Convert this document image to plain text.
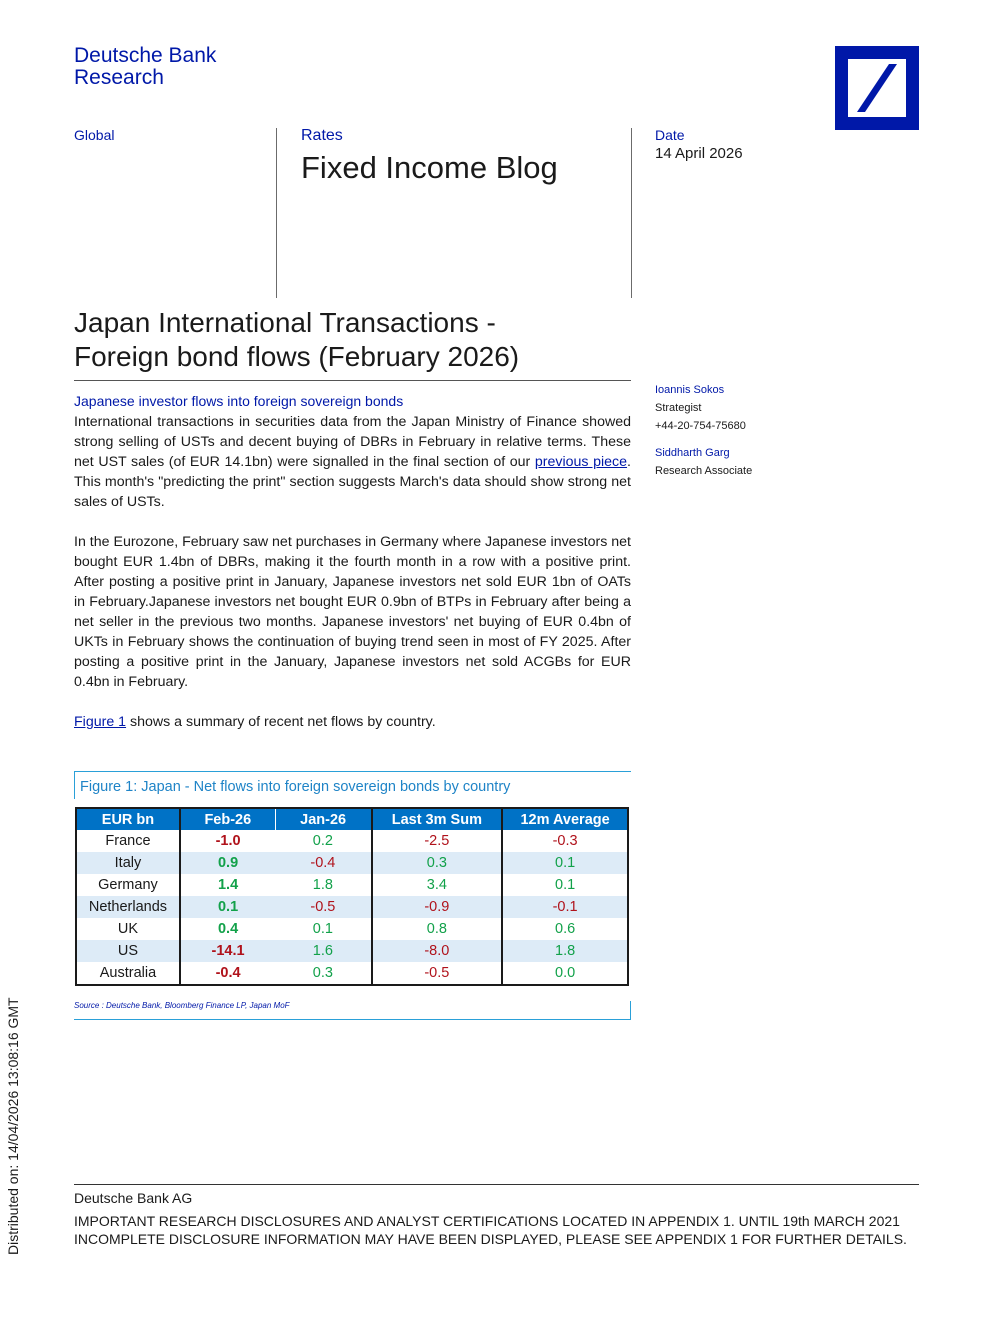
Deutsche Bank
Research
Global	Rates
Fixed Income Blog
Date
14 April 2026
Japan International Transactions -
Foreign bond flows (February 2026)
Ioannis Sokos
Strategist
+44-20-754-75680
Siddharth Garg
Research Associate
Japanese investor flows into foreign sovereign bonds
International transactions in securities data from the Japan Ministry of Finance showed strong selling of USTs and decent buying of DBRs in February in relative terms. These net UST sales (of EUR 14.1bn) were signalled in the final section of our previous piece. This month's "predicting the print" section suggests March's data should show strong net sales of USTs.
In the Eurozone, February saw net purchases in Germany where Japanese investors net bought EUR 1.4bn of DBRs, making it the fourth month in a row with a positive print. After posting a positive print in January, Japanese investors net sold EUR 1bn of OATs in February.Japanese investors net bought EUR 0.9bn of BTPs in February after being a net seller in the previous two months. Japanese investors' net buying of EUR 0.4bn of UKTs in February shows the continuation of buying trend seen in most of FY 2025. After posting a positive print in the January, Japanese investors net sold ACGBs for EUR 0.4bn in February.
Figure 1 shows a summary of recent net flows by country.
Figure 1: Japan - Net flows into foreign sovereign bonds by country
EUR bn	Feb-26	Jan-26	Last 3m Sum	12m Average
France	-1.0	0.2	-2.5	-0.3
Italy	0.9	-0.4	0.3	0.1
Germany	1.4	1.8	3.4	0.1
Netherlands	0.1	-0.5	-0.9	-0.1
UK	0.4	0.1	0.8	0.6
US	-14.1	1.6	-8.0	1.8
Australia	-0.4	0.3	-0.5	0.0
Source : Deutsche Bank, Bloomberg Finance LP, Japan MoF
Deutsche Bank AG
IMPORTANT RESEARCH DISCLOSURES AND ANALYST CERTIFICATIONS LOCATED IN APPENDIX 1. UNTIL 19th MARCH 2021 INCOMPLETE DISCLOSURE INFORMATION MAY HAVE BEEN DISPLAYED, PLEASE SEE APPENDIX 1 FOR FURTHER DETAILS.
Distributed on: 14/04/2026 13:08:16 GMT
